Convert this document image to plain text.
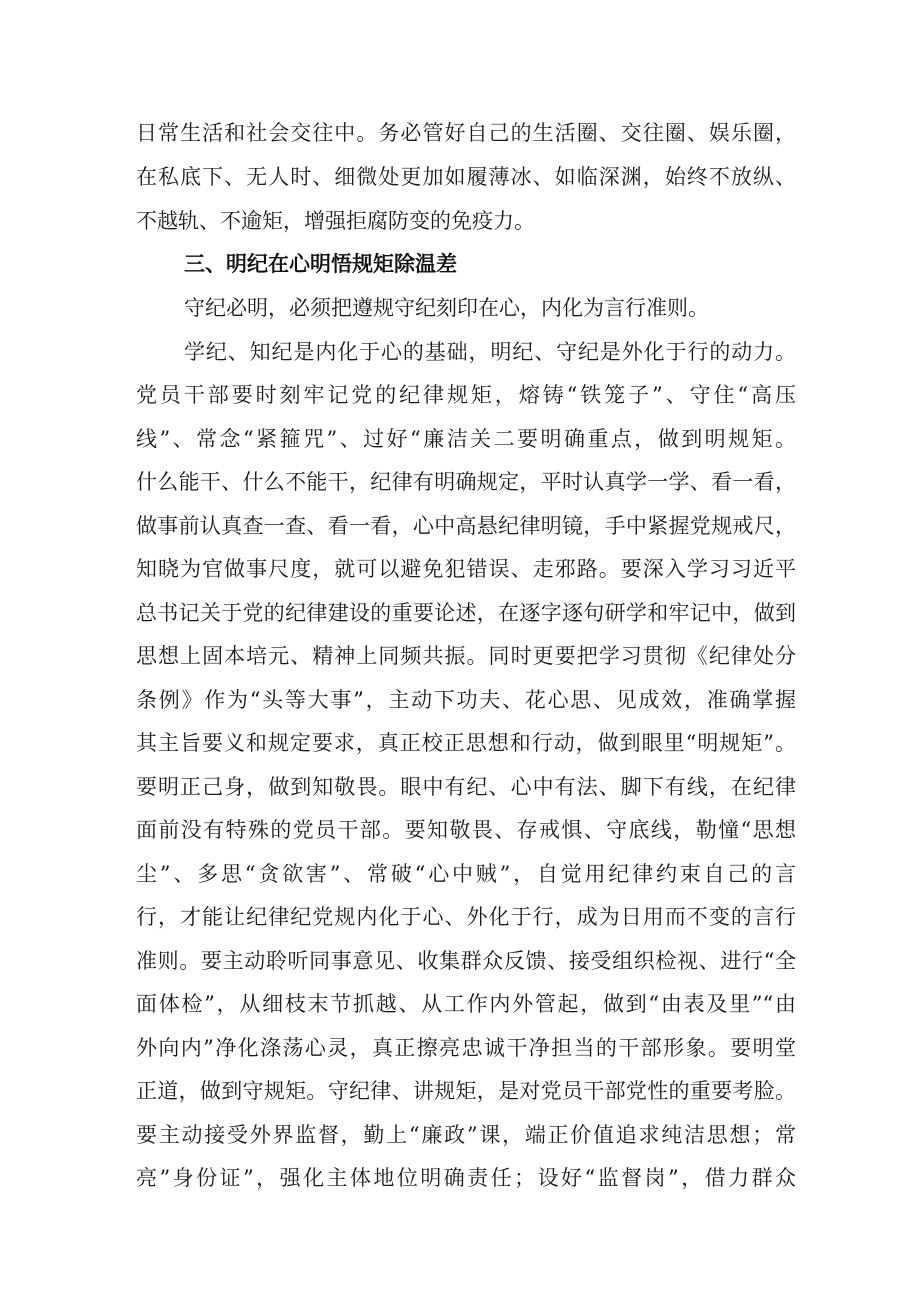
日常生活和社会交往中。务必管好自己的生活圈、交往圈、娱乐圈，
在私底下、无人时、细微处更加如履薄冰、如临深渊，始终不放纵、
不越轨、不逾矩，增强拒腐防变的免疫力。
三、明纪在心明悟规矩除温差
守纪必明，必须把遵规守纪刻印在心，内化为言行准则。
学纪、知纪是内化于心的基础，明纪、守纪是外化于行的动力。
党员干部要时刻牢记党的纪律规矩，熔铸“铁笼子”、守住“高压
线”、常念“紧箍咒”、过好“廉洁关二要明确重点，做到明规矩。
什么能干、什么不能干，纪律有明确规定，平时认真学一学、看一看，
做事前认真查一查、看一看，心中高悬纪律明镜，手中紧握党规戒尺，
知晓为官做事尺度，就可以避免犯错误、走邪路。要深入学习习近平
总书记关于党的纪律建设的重要论述，在逐字逐句研学和牢记中，做到
思想上固本培元、精神上同频共振。同时更要把学习贯彻《纪律处分
条例》作为“头等大事”，主动下功夫、花心思、见成效，准确掌握
其主旨要义和规定要求，真正校正思想和行动，做到眼里“明规矩”。
要明正己身，做到知敬畏。眼中有纪、心中有法、脚下有线，在纪律
面前没有特殊的党员干部。要知敬畏、存戒惧、守底线，勒憧“思想
尘”、多思“贪欲害”、常破“心中贼”，自觉用纪律约束自己的言
行，才能让纪律纪党规内化于心、外化于行，成为日用而不变的言行
准则。要主动聆听同事意见、收集群众反馈、接受组织检视、进行“全
面体检”，从细枝末节抓越、从工作内外管起，做到“由表及里”“由
外向内”净化涤荡心灵，真正擦亮忠诚干净担当的干部形象。要明堂
正道，做到守规矩。守纪律、讲规矩，是对党员干部党性的重要考脸。
要主动接受外界监督，勤上“廉政”课，端正价值追求纯洁思想；常
亮”身份证”，强化主体地位明确责任；设好“监督岗”，借力群众
